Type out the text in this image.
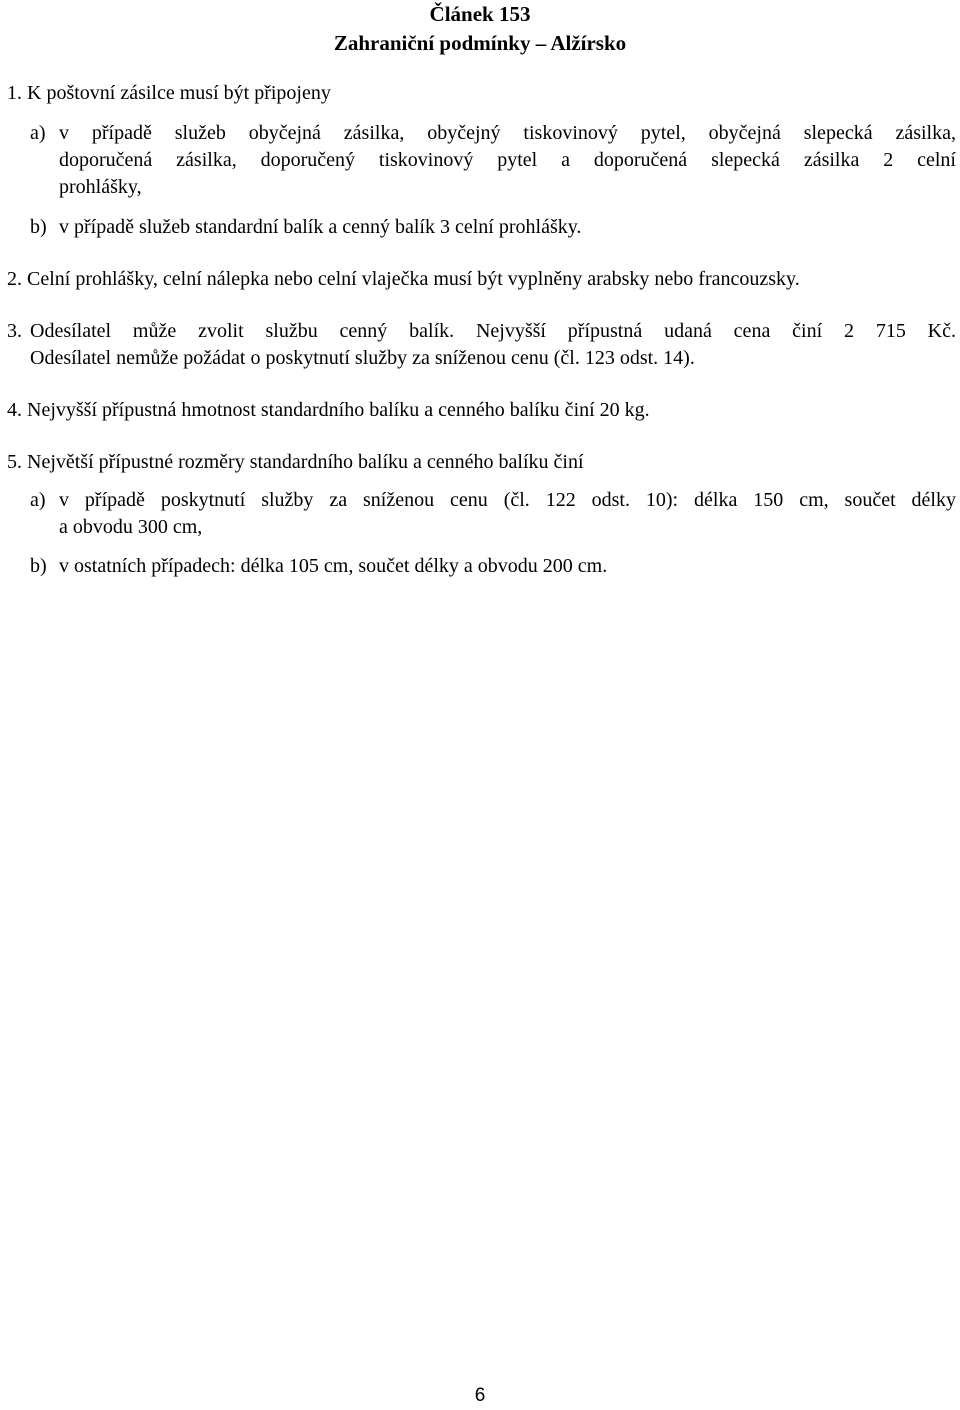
Článek 153
Zahraniční podmínky – Alžírsko
1. K poštovní zásilce musí být připojeny
a) v případě služeb obyčejná zásilka, obyčejný tiskovinový pytel, obyčejná slepecká zásilka,
doporučená zásilka, doporučený tiskovinový pytel a doporučená slepecká zásilka 2 celní
prohlášky,
b) v případě služeb standardní balík a cenný balík 3 celní prohlášky.
2. Celní prohlášky, celní nálepka nebo celní vlaječka musí být vyplněny arabsky nebo francouzsky.
3. Odesílatel může zvolit službu cenný balík. Nejvyšší přípustná udaná cena činí 2 715 Kč.
Odesílatel nemůže požádat o poskytnutí služby za sníženou cenu (čl. 123 odst. 14).
4. Nejvyšší přípustná hmotnost standardního balíku a cenného balíku činí 20 kg.
5. Největší přípustné rozměry standardního balíku a cenného balíku činí
a) v případě poskytnutí služby za sníženou cenu (čl. 122 odst. 10): délka 150 cm, součet délky
a obvodu 300 cm,
b) v ostatních případech: délka 105 cm, součet délky a obvodu 200 cm.
6
